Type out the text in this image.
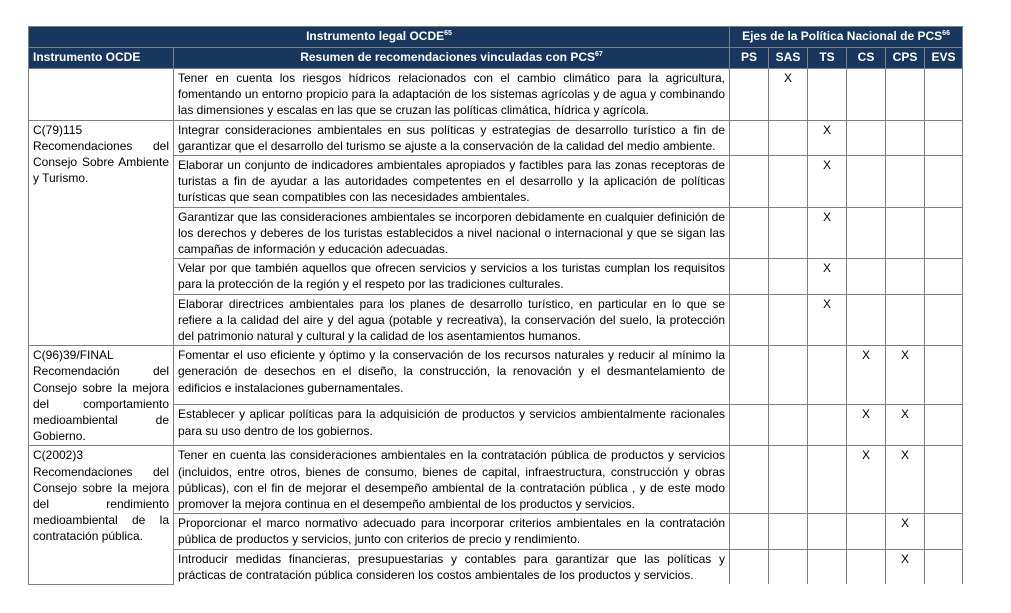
Instrumento legal OCDE$^{65}$		Ejes de la Política Nacional de PCS$^{66}$
Instrumento OCDE	Resumen de recomendaciones vinculadas con PCS$^{67}$	PS	SAS	TS	CS	CPS	EVS
	Tener en cuenta los riesgos hídricos relacionados con el cambio climático para la agricultura, fomentando un entorno propicio para la adaptación de los sistemas agrícolas y de agua y combinando las dimensiones y escalas en las que se cruzan las políticas climática, hídrica y agrícola.		X				
C(79)115 Recomendaciones del Consejo Sobre Ambiente y Turismo.	Integrar consideraciones ambientales en sus políticas y estrategias de desarrollo turístico a fin de garantizar que el desarrollo del turismo se ajuste a la conservación de la calidad del medio ambiente.			X			
	Elaborar un conjunto de indicadores ambientales apropiados y factibles para las zonas receptoras de turistas a fin de ayudar a las autoridades competentes en el desarrollo y la aplicación de políticas turísticas que sean compatibles con las necesidades ambientales.			X			
	Garantizar que las consideraciones ambientales se incorporen debidamente en cualquier definición de los derechos y deberes de los turistas establecidos a nivel nacional o internacional y que se sigan las campañas de información y educación adecuadas.			X			
	Velar por que también aquellos que ofrecen servicios y servicios a los turistas cumplan los requisitos para la protección de la región y el respeto por las tradiciones culturales.			X			
	Elaborar directrices ambientales para los planes de desarrollo turístico, en particular en lo que se refiere a la calidad del aire y del agua (potable y recreativa), la conservación del suelo, la protección del patrimonio natural y cultural y la calidad de los asentamientos humanos.			X			
C(96)39/FINAL Recomendación del Consejo sobre la mejora del comportamiento medioambiental de Gobierno.	Fomentar el uso eficiente y óptimo y la conservación de los recursos naturales y reducir al mínimo la generación de desechos en el diseño, la construcción, la renovación y el desmantelamiento de edificios e instalaciones gubernamentales.				X	X	
	Establecer y aplicar políticas para la adquisición de productos y servicios ambientalmente racionales para su uso dentro de los gobiernos.				X	X	
C(2002)3 Recomendaciones del Consejo sobre la mejora del rendimiento medioambiental de la contratación pública.	Tener en cuenta las consideraciones ambientales en la contratación pública de productos y servicios (incluidos, entre otros, bienes de consumo, bienes de capital, infraestructura, construcción y obras públicas), con el fin de mejorar el desempeño ambiental de la contratación pública , y de este modo promover la mejora continua en el desempeño ambiental de los productos y servicios.				X	X	
	Proporcionar el marco normativo adecuado para incorporar criterios ambientales en la contratación pública de productos y servicios, junto con criterios de precio y rendimiento.					X	
	Introducir medidas financieras, presupuestarias y contables para garantizar que las políticas y prácticas de contratación pública consideren los costos ambientales de los productos y servicios.					X	
